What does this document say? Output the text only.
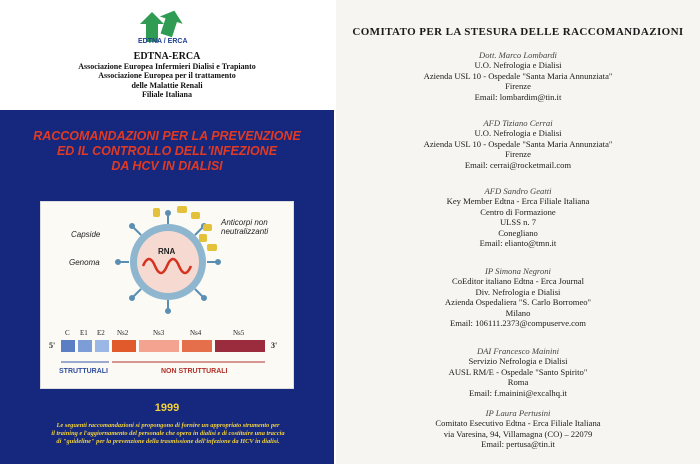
EDTNA / ERCA
EDTNA-ERCA
Associazione Europea Infermieri Dialisi e Trapianto
Associazione Europea per il trattamento
delle Malattie Renali
Filiale Italiana
RACCOMANDAZIONI PER LA PREVENZIONE
ED IL CONTROLLO DELL'INFEZIONE
DA HCV IN DIALISI
Capside
Genoma
RNA
Anticorpi non neutralizzanti
5'	3'
C E1 E2 Ns2	Ns3	Ns4	Ns5
STRUTTURALI	NON STRUTTURALI
1999
Le seguenti raccomandazioni si propongono di fornire un appropriato strumento per
il training e l'aggiornamento del personale che opera in dialisi e di costituire una traccia
di "guideline" per la prevenzione della trasmissione dell'infezione da HCV in dialisi.
COMITATO PER LA STESURA DELLE RACCOMANDAZIONI
Dott. Marco Lombardi
U.O. Nefrologia e Dialisi
Azienda USL 10 - Ospedale "Santa Maria Annunziata"
Firenze
Email: lombardim@tin.it
AFD Tiziano Cerrai
U.O. Nefrologia e Dialisi
Azienda USL 10 - Ospedale "Santa Maria Annunziata"
Firenze
Email: cerrai@rocketmail.com
AFD Sandro Geatti
Key Member Edtna - Erca Filiale Italiana
Centro di Formazione
ULSS n. 7
Conegliano
Email: elianto@tmn.it
IP Simona Negroni
CoEditor italiano Edtna - Erca Journal
Div. Nefrologia e Dialisi
Azienda Ospedaliera "S. Carlo Borromeo"
Milano
Email: 106111.2373@compuserve.com
DAI Francesco Mainini
Servizio Nefrologia e Dialisi
AUSL RM/E - Ospedale "Santo Spirito"
Roma
Email: f.mainini@excalhq.it
IP Laura Pertusini
Comitato Esecutivo Edtna - Erca Filiale Italiana
via Varesina, 94, Villamagna (CO) – 22079
Email: pertusa@tin.it
